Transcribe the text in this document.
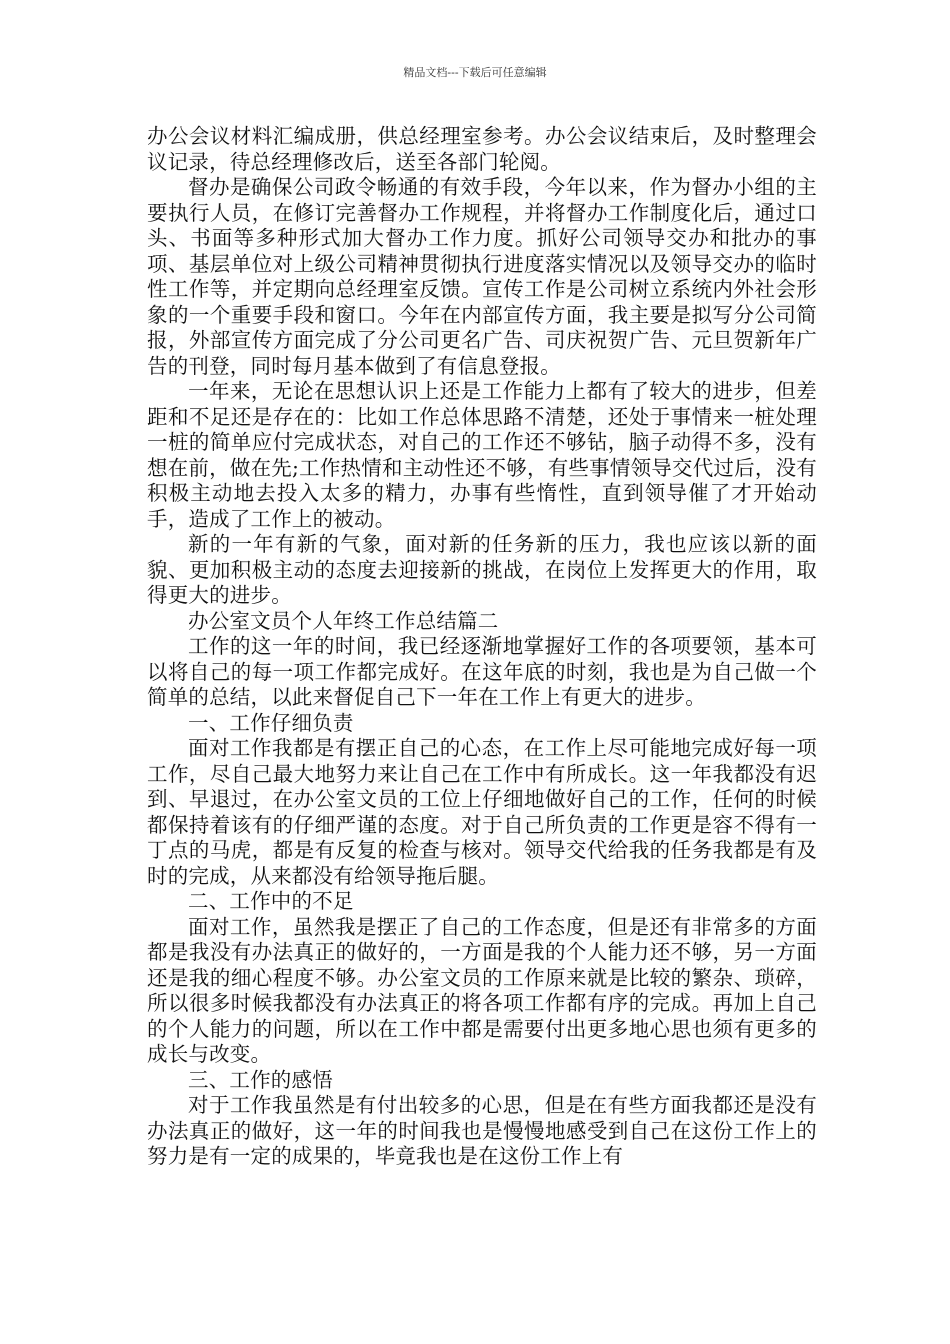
精品文档---下载后可任意编辑

办公会议材料汇编成册，供总经理室参考。办公会议结束后，及时整理会议记录，待总经理修改后，送至各部门轮阅。

督办是确保公司政令畅通的有效手段，今年以来，作为督办小组的主要执行人员，在修订完善督办工作规程，并将督办工作制度化后，通过口头、书面等多种形式加大督办工作力度。抓好公司领导交办和批办的事项、基层单位对上级公司精神贯彻执行进度落实情况以及领导交办的临时性工作等，并定期向总经理室反馈。宣传工作是公司树立系统内外社会形象的一个重要手段和窗口。今年在内部宣传方面，我主要是拟写分公司简报，外部宣传方面完成了分公司更名广告、司庆祝贺广告、元旦贺新年广告的刊登，同时每月基本做到了有信息登报。

一年来，无论在思想认识上还是工作能力上都有了较大的进步，但差距和不足还是存在的：比如工作总体思路不清楚，还处于事情来一桩处理一桩的简单应付完成状态，对自己的工作还不够钻，脑子动得不多，没有想在前，做在先;工作热情和主动性还不够，有些事情领导交代过后，没有积极主动地去投入太多的精力，办事有些惰性，直到领导催了才开始动手，造成了工作上的被动。

新的一年有新的气象，面对新的任务新的压力，我也应该以新的面貌、更加积极主动的态度去迎接新的挑战，在岗位上发挥更大的作用，取得更大的进步。

办公室文员个人年终工作总结篇二

工作的这一年的时间，我已经逐渐地掌握好工作的各项要领，基本可以将自己的每一项工作都完成好。在这年底的时刻，我也是为自己做一个简单的总结，以此来督促自己下一年在工作上有更大的进步。

一、工作仔细负责

面对工作我都是有摆正自己的心态，在工作上尽可能地完成好每一项工作，尽自己最大地努力来让自己在工作中有所成长。这一年我都没有迟到、早退过，在办公室文员的工位上仔细地做好自己的工作，任何的时候都保持着该有的仔细严谨的态度。对于自己所负责的工作更是容不得有一丁点的马虎，都是有反复的检查与核对。领导交代给我的任务我都是有及时的完成，从来都没有给领导拖后腿。

二、工作中的不足

面对工作，虽然我是摆正了自己的工作态度，但是还有非常多的方面都是我没有办法真正的做好的，一方面是我的个人能力还不够，另一方面还是我的细心程度不够。办公室文员的工作原来就是比较的繁杂、琐碎，所以很多时候我都没有办法真正的将各项工作都有序的完成。再加上自己的个人能力的问题，所以在工作中都是需要付出更多地心思也须有更多的成长与改变。

三、工作的感悟

对于工作我虽然是有付出较多的心思，但是在有些方面我都还是没有办法真正的做好，这一年的时间我也是慢慢地感受到自己在这份工作上的努力是有一定的成果的，毕竟我也是在这份工作上有
